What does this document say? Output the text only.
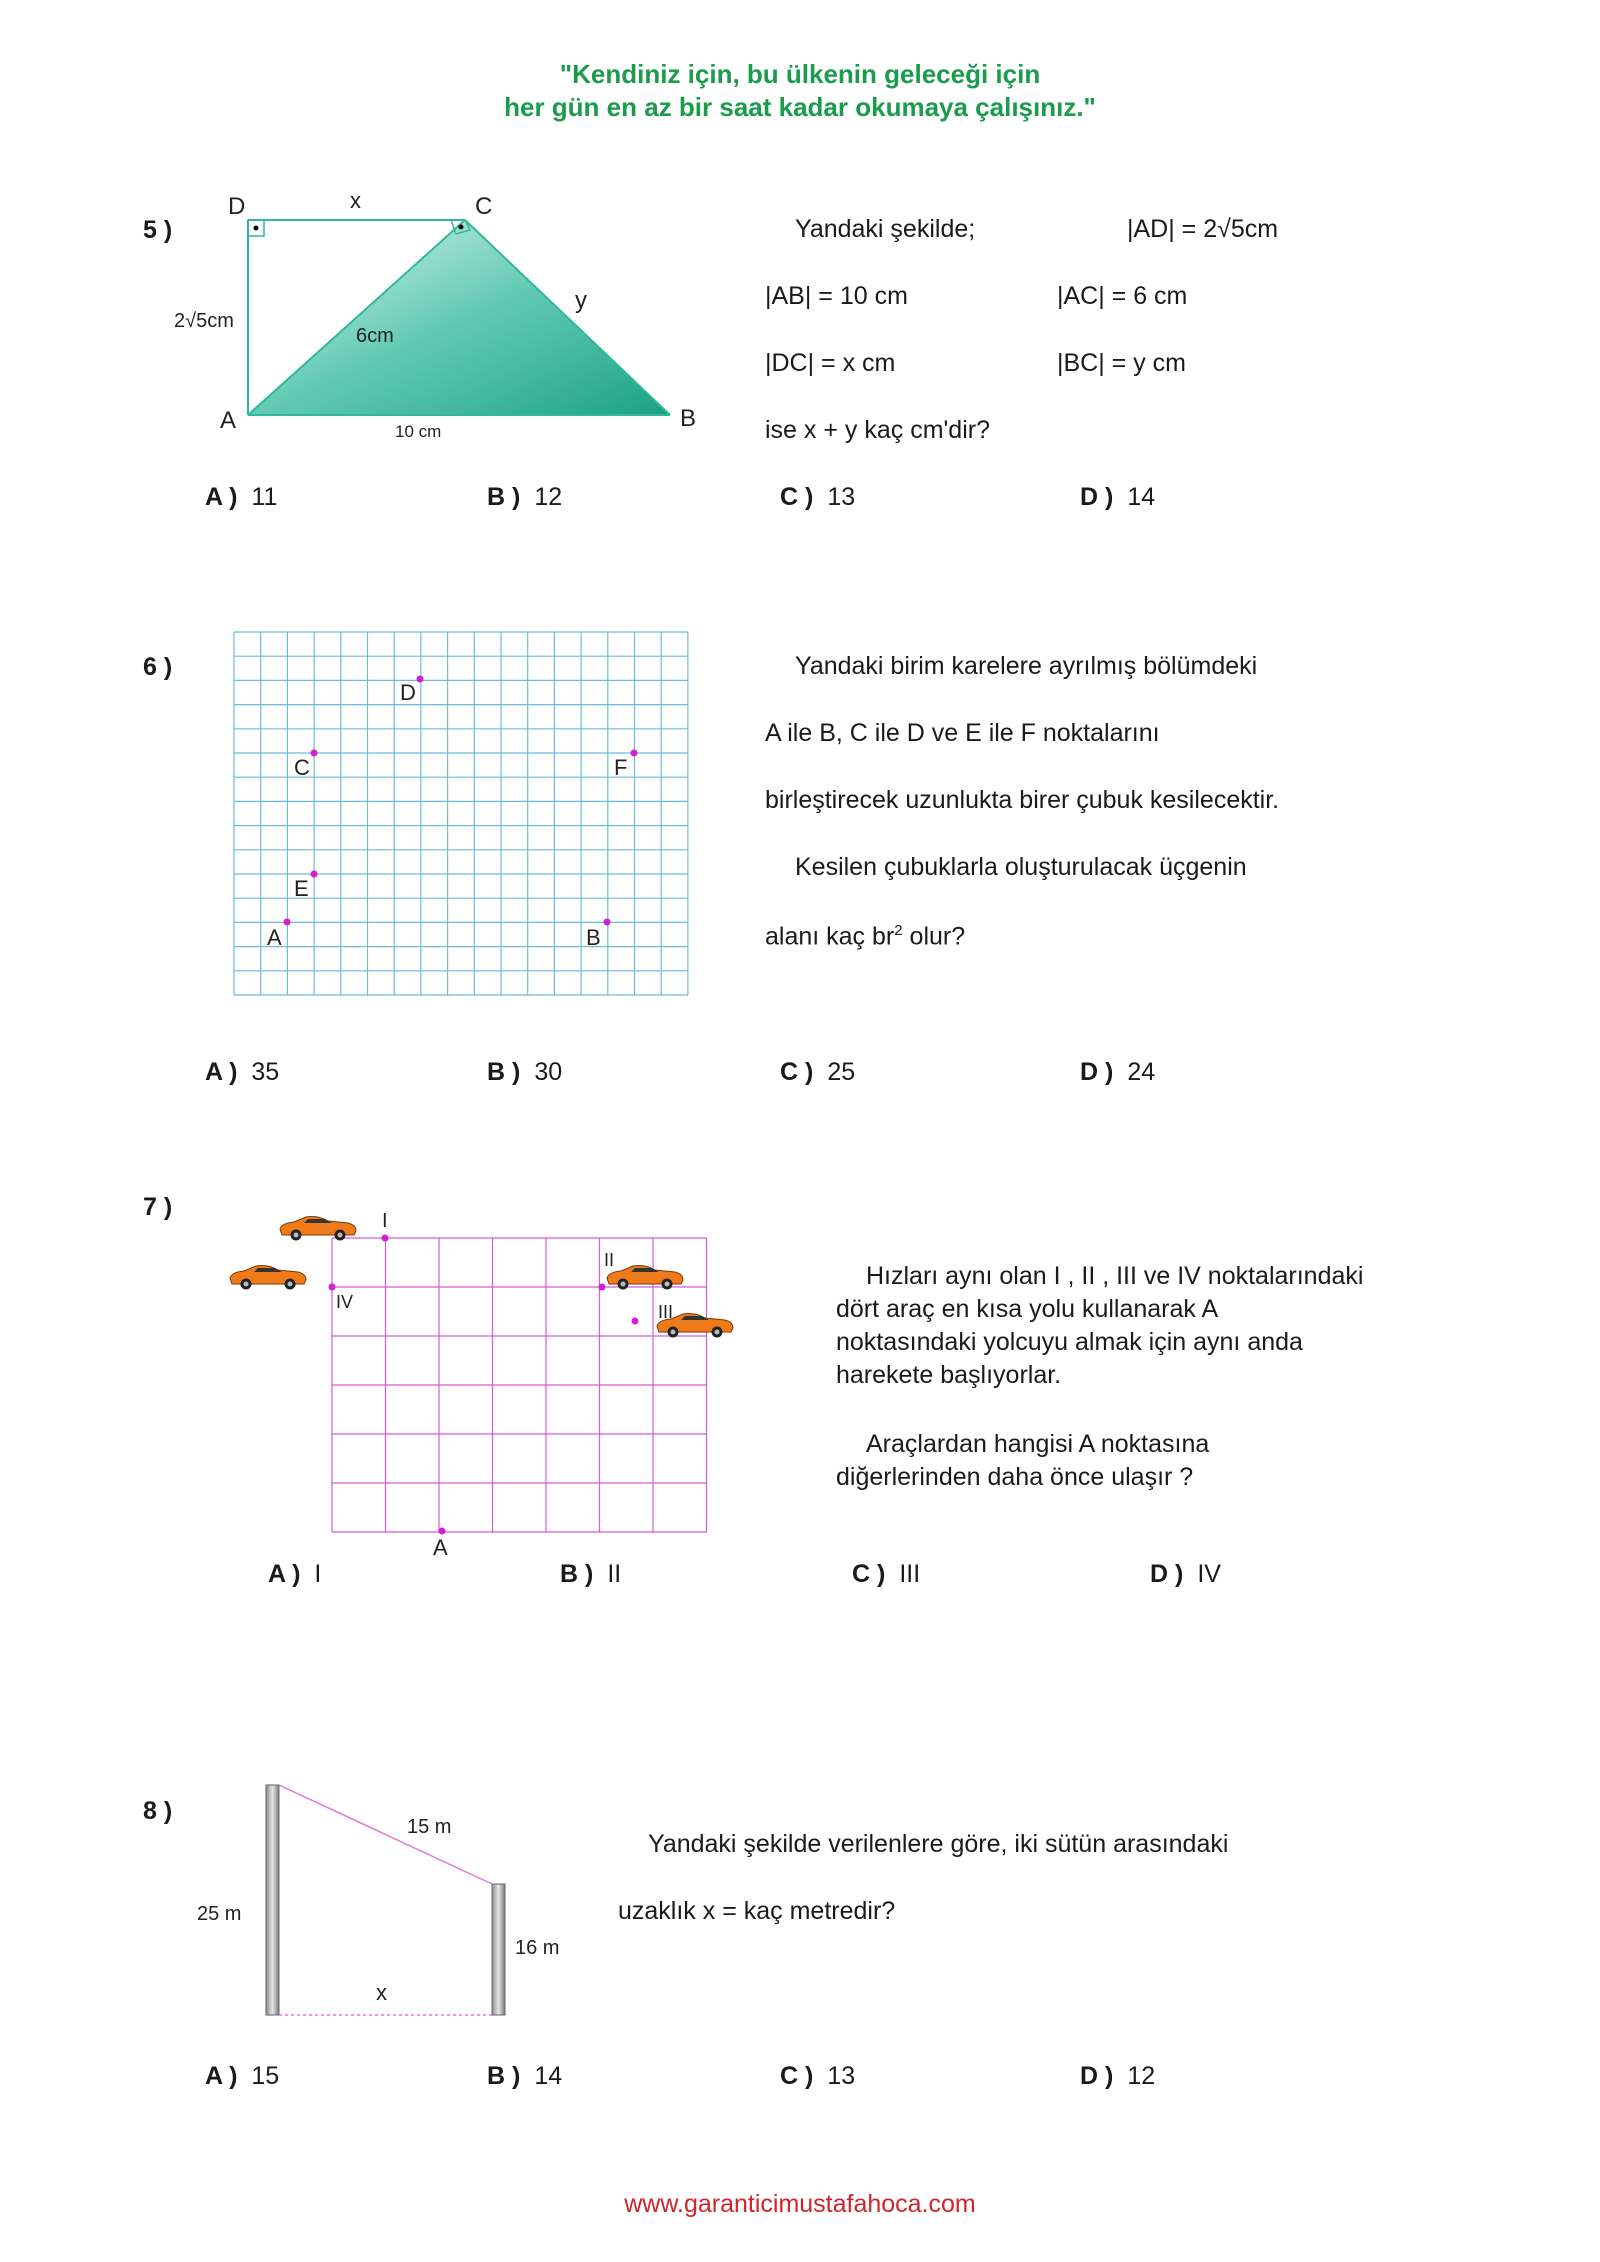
"Kendiniz için, bu ülkenin geleceği için
her gün en az bir saat kadar okumaya çalışınız."
5 )
D	x	C
y
2√5cm
6cm
A	10 cm	B
Yandaki şekilde;	|AD| = 2√5cm
|AB| = 10 cm	|AC| = 6 cm
|DC| = x cm	|BC| = y cm
ise x + y kaç cm'dir?
A ) 11	B ) 12	C ) 13	D ) 14
6 )
D
C	F
E
A	B
Yandaki birim karelere ayrılmış bölümdeki
A ile B, C ile D ve E ile F noktalarını
birleştirecek uzunlukta birer çubuk kesilecektir.
Kesilen çubuklarla oluşturulacak üçgenin
alanı kaç $br^2$ olur?
A ) 35	B ) 30	C ) 25	D ) 24
7 )	I
IV
II
III
A
Hızları aynı olan I , II , III ve IV noktalarındaki
dört araç en kısa yolu kullanarak A
noktasındaki yolcuyu almak için aynı anda
harekete başlıyorlar.
Araçlardan hangisi A noktasına
diğerlerinden daha önce ulaşır ?
A ) I	B ) II	C ) III	D ) IV
8 )
25 m
15 m
16 m
x
Yandaki şekilde verilenlere göre, iki sütün arasındaki
uzaklık x = kaç metredir?
A ) 15	B ) 14	C ) 13	D ) 12
www.garanticimustafahoca.com
